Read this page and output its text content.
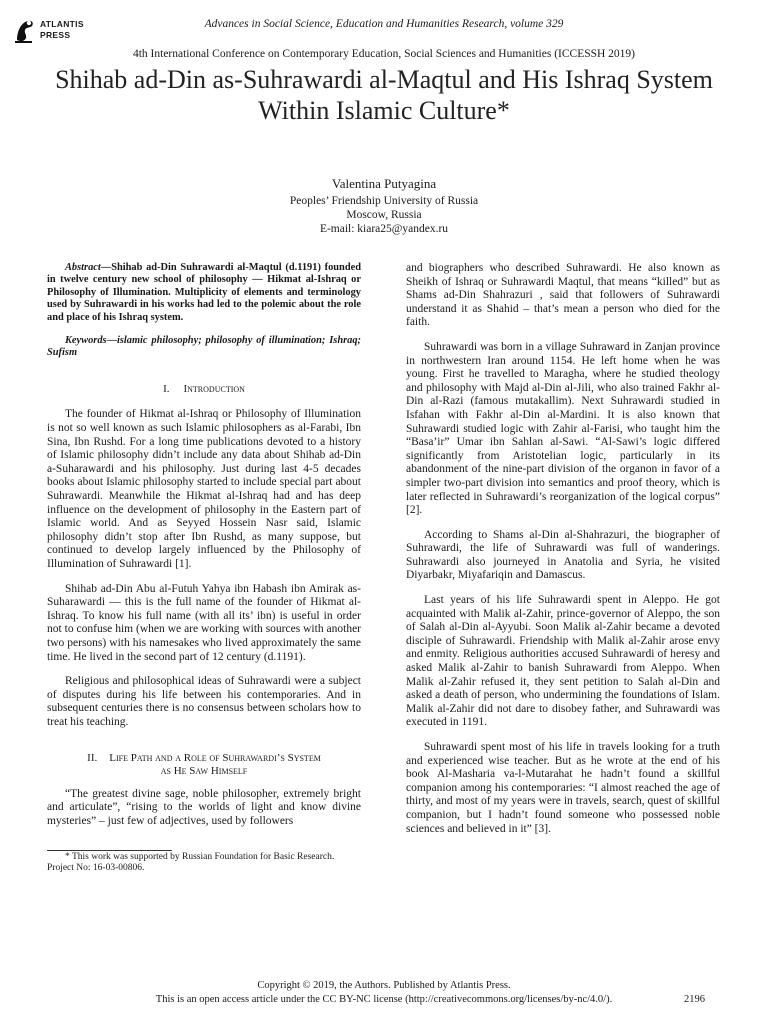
ATLANTIS
PRESS
Advances in Social Science, Education and Humanities Research, volume 329
4th International Conference on Contemporary Education, Social Sciences and Humanities (ICCESSH 2019)
Shihab ad-Din as-Suhrawardi al-Maqtul and His Ishraq System Within Islamic Culture*
Valentina Putyagina
Peoples’ Friendship University of Russia
Moscow, Russia
E-mail: kiara25@yandex.ru

Abstract—Shihab ad-Din Suhrawardi al-Maqtul (d.1191) founded in twelve century new school of philosophy — Hikmat al-Ishraq or Philosophy of Illumination. Multiplicity of elements and terminology used by Suhrawardi in his works had led to the polemic about the role and place of his Ishraq system.

Keywords—islamic philosophy; philosophy of illumination; Ishraq; Sufism

I. Introduction

The founder of Hikmat al-Ishraq or Philosophy of Illumination is not so well known as such Islamic philosophers as al-Farabi, Ibn Sina, Ibn Rushd. For a long time publications devoted to a history of Islamic philosophy didn’t include any data about Shihab ad-Din a-Suharawardi and his philosophy. Just during last 4-5 decades books about Islamic philosophy started to include special part about Suhrawardi. Meanwhile the Hikmat al-Ishraq had and has deep influence on the development of philosophy in the Eastern part of Islamic world. And as Seyyed Hossein Nasr said, Islamic philosophy didn’t stop after Ibn Rushd, as many suppose, but continued to develop largely influenced by the Philosophy of Illumination of Suhrawardi [1].

Shihab ad-Din Abu al-Futuh Yahya ibn Habash ibn Amirak as-Suharawardi — this is the full name of the founder of Hikmat al-Ishraq. To know his full name (with all its’ ibn) is useful in order not to confuse him (when we are working with sources with another two persons) with his namesakes who lived approximately the same time. He lived in the second part of 12 century (d.1191).

Religious and philosophical ideas of Suhrawardi were a subject of disputes during his life between his contemporaries. And in subsequent centuries there is no consensus between scholars how to treat his teaching.

II. Life Path and a Role of Suhrawardi’s System
as He Saw Himself

“The greatest divine sage, noble philosopher, extremely bright and articulate”, “rising to the worlds of light and know divine mysteries” – just few of adjectives, used by followers

and biographers who described Suhrawardi. He also known as Sheikh of Ishraq or Suhrawardi Maqtul, that means “killed” but as Shams ad-Din Shahrazuri , said that followers of Suhrawardi understand it as Shahid – that’s mean a person who died for the faith.

Suhrawardi was born in a village Suhraward in Zanjan province in northwestern Iran around 1154. He left home when he was young. First he travelled to Maragha, where he studied theology and philosophy with Majd al-Din al-Jili, who also trained Fakhr al-Din al-Razi (famous mutakallim). Next Suhrawardi studied in Isfahan with Fakhr al-Din al-Mardini. It is also known that Suhrawardi studied logic with Zahir al-Farisi, who taught him the “Basa’ir” Umar ibn Sahlan al-Sawi. “Al-Sawi’s logic differed significantly from Aristotelian logic, particularly in its abandonment of the nine-part division of the organon in favor of a simpler two-part division into semantics and proof theory, which is later reflected in Suhrawardi’s reorganization of the logical corpus” [2].

According to Shams al-Din al-Shahrazuri, the biographer of Suhrawardi, the life of Suhrawardi was full of wanderings. Suhrawardi also journeyed in Anatolia and Syria, he visited Diyarbakr, Miyafariqin and Damascus.

Last years of his life Suhrawardi spent in Aleppo. He got acquainted with Malik al-Zahir, prince-governor of Aleppo, the son of Salah al-Din al-Ayyubi. Soon Malik al-Zahir became a devoted disciple of Suhrawardi. Friendship with Malik al-Zahir arose envy and enmity. Religious authorities accused Suhrawardi of heresy and asked Malik al-Zahir to banish Suhrawardi from Aleppo. When Malik al-Zahir refused it, they sent petition to Salah al-Din and asked a death of person, who undermining the foundations of Islam. Malik al-Zahir did not dare to disobey father, and Suhrawardi was executed in 1191.

Suhrawardi spent most of his life in travels looking for a truth and experienced wise teacher. But as he wrote at the end of his book Al-Masharia va-l-Mutarahat he hadn’t found a skillful companion among his contemporaries: “I almost reached the age of thirty, and most of my years were in travels, search, quest of skillful companion, but I hadn’t found someone who possessed noble sciences and believed in it” [3].

* This work was supported by Russian Foundation for Basic Research.
Project No: 16-03-00806.
Copyright © 2019, the Authors. Published by Atlantis Press.
This is an open access article under the CC BY-NC license (http://creativecommons.org/licenses/by-nc/4.0/).	2196
